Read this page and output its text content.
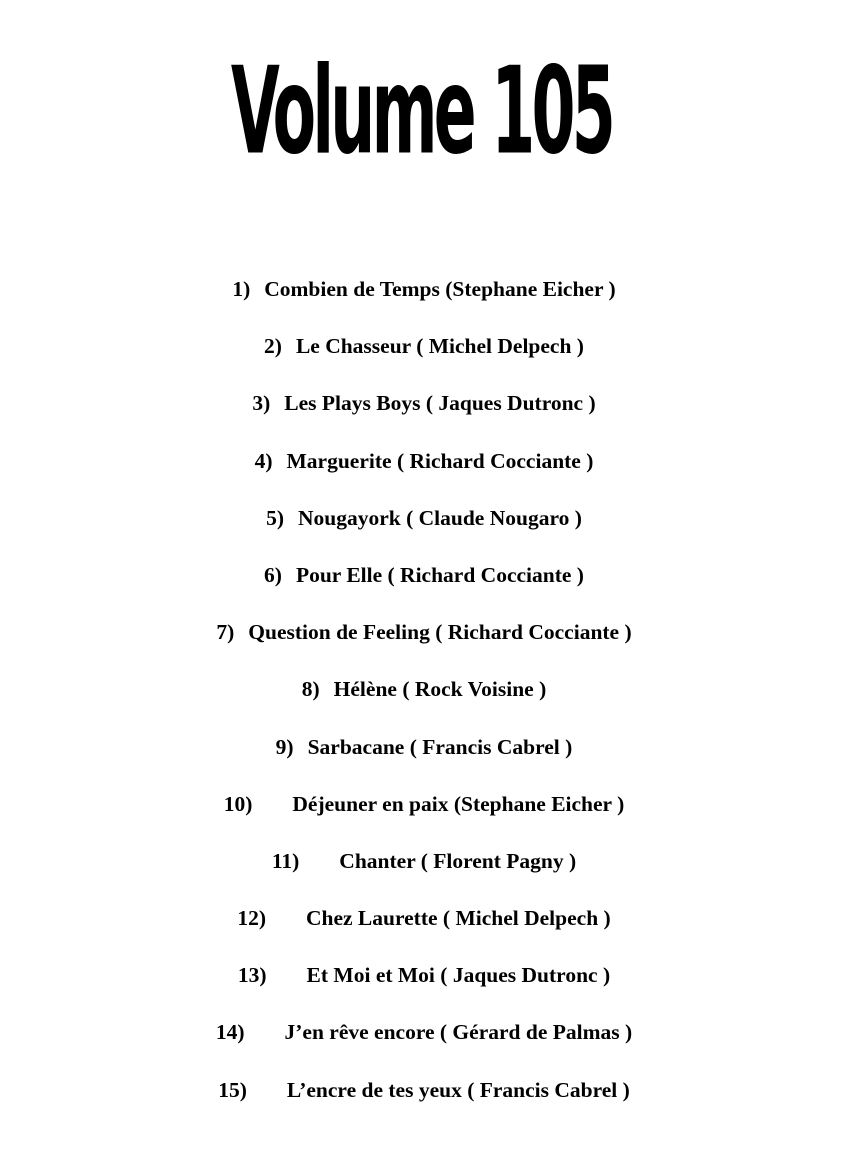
Volume 105
1) Combien de Temps (Stephane Eicher )
2) Le Chasseur ( Michel Delpech )
3) Les Plays Boys ( Jaques Dutronc )
4) Marguerite ( Richard Cocciante )
5) Nougayork ( Claude Nougaro )
6) Pour Elle ( Richard Cocciante )
7) Question de Feeling ( Richard Cocciante )
8) Hélène ( Rock Voisine )
9) Sarbacane ( Francis Cabrel )
10) Déjeuner en paix (Stephane Eicher )
11) Chanter ( Florent Pagny )
12) Chez Laurette ( Michel Delpech )
13) Et Moi et Moi ( Jaques Dutronc )
14) J’en rêve encore ( Gérard de Palmas )
15) L’encre de tes yeux ( Francis Cabrel )
